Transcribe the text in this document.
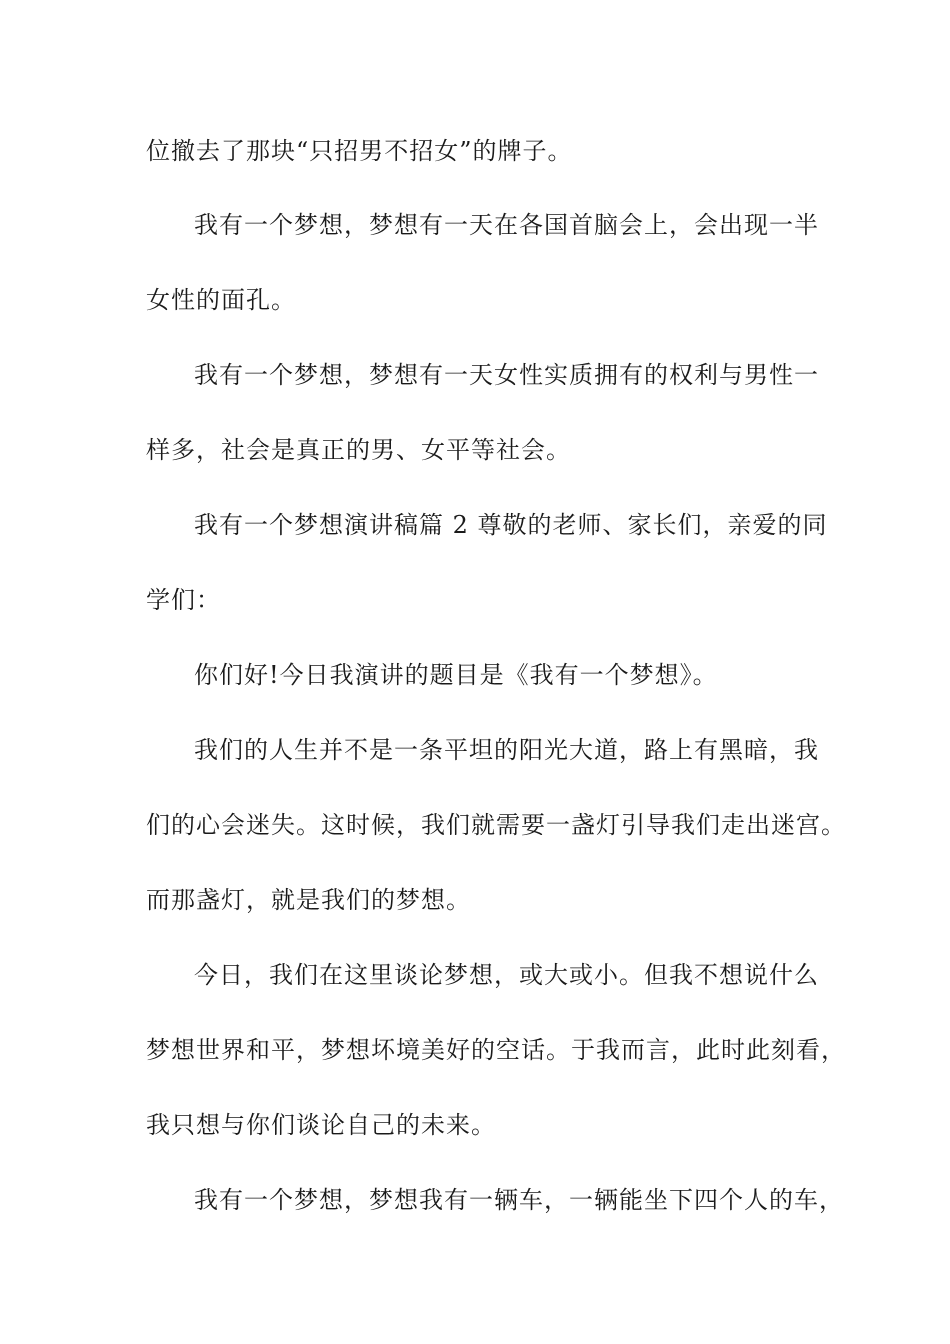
位撤去了那块“只招男不招女”的牌子。
我有一个梦想，梦想有一天在各国首脑会上，会出现一半
女性的面孔。
我有一个梦想，梦想有一天女性实质拥有的权利与男性一
样多，社会是真正的男、女平等社会。
我有一个梦想演讲稿篇 2 尊敬的老师、家长们，亲爱的同
学们：
你们好!今日我演讲的题目是《我有一个梦想》。
我们的人生并不是一条平坦的阳光大道，路上有黑暗，我
们的心会迷失。这时候，我们就需要一盏灯引导我们走出迷宫。
而那盏灯，就是我们的梦想。
今日，我们在这里谈论梦想，或大或小。但我不想说什么
梦想世界和平，梦想坏境美好的空话。于我而言，此时此刻看，
我只想与你们谈论自己的未来。
我有一个梦想，梦想我有一辆车，一辆能坐下四个人的车，
